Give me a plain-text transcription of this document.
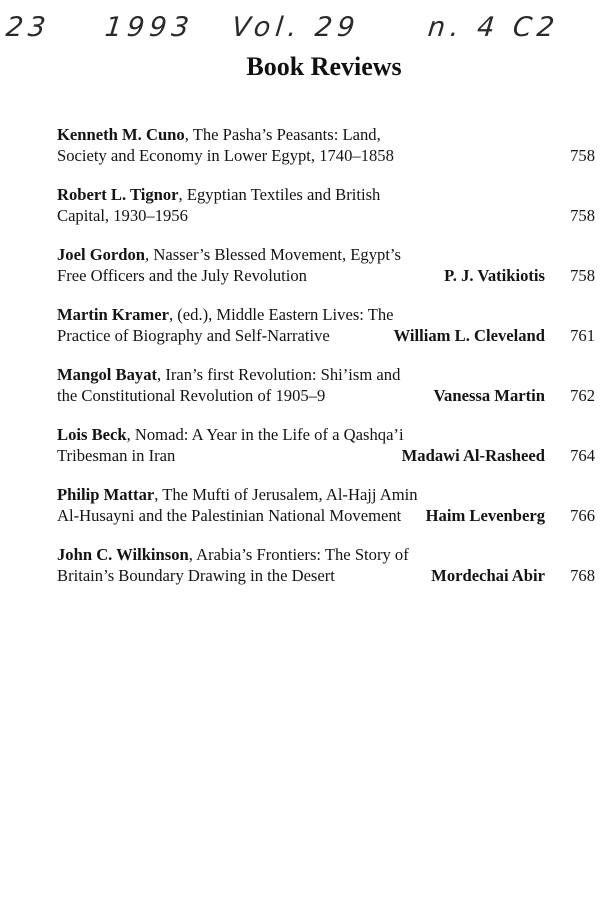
23 1993 Vol. 29 n. 4 C2
Book Reviews
Kenneth M. Cuno, The Pasha’s Peasants: Land, Society and Economy in Lower Egypt, 1740–1858	758
Robert L. Tignor, Egyptian Textiles and British Capital, 1930–1956	758
Joel Gordon, Nasser’s Blessed Movement, Egypt’s Free Officers and the July Revolution	P. J. Vatikiotis	758
Martin Kramer, (ed.), Middle Eastern Lives: The Practice of Biography and Self-Narrative	William L. Cleveland	761
Mangol Bayat, Iran’s first Revolution: Shi’ism and the Constitutional Revolution of 1905–9	Vanessa Martin	762
Lois Beck, Nomad: A Year in the Life of a Qashqa’i Tribesman in Iran	Madawi Al-Rasheed	764
Philip Mattar, The Mufti of Jerusalem, Al-Hajj Amin Al-Husayni and the Palestinian National Movement	Haim Levenberg	766
John C. Wilkinson, Arabia’s Frontiers: The Story of Britain’s Boundary Drawing in the Desert	Mordechai Abir	768
